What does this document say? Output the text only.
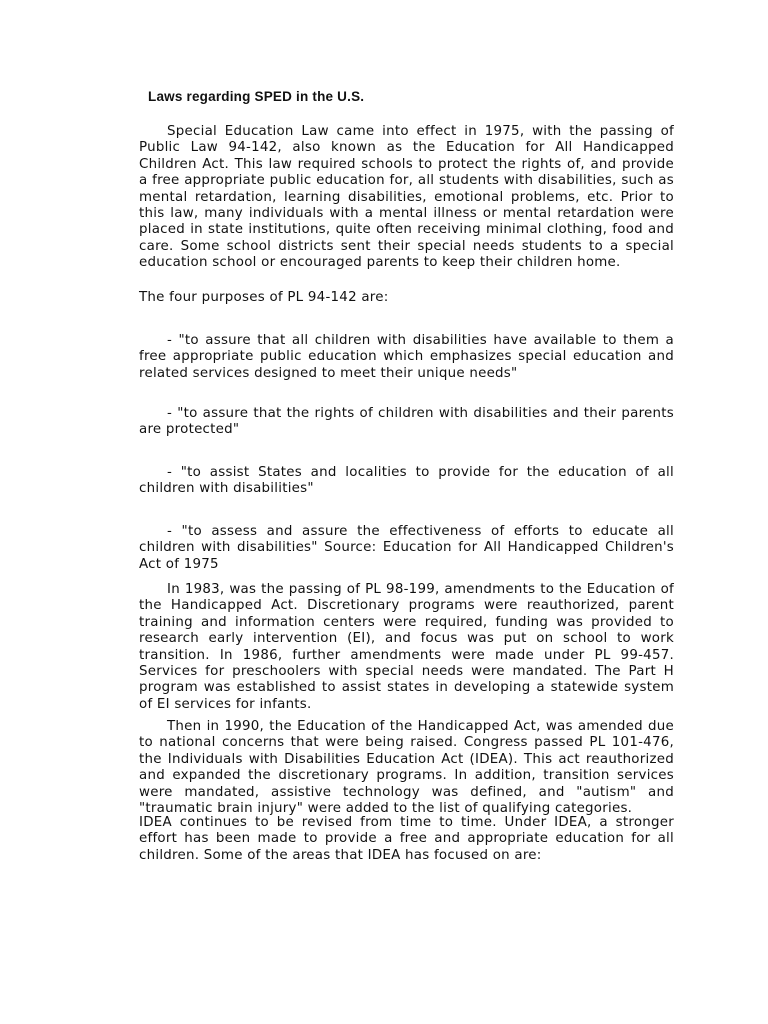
Laws regarding SPED in the U.S.

Special Education Law came into effect in 1975, with the passing of Public Law 94-142, also known as the Education for All Handicapped Children Act. This law required schools to protect the rights of, and provide a free appropriate public education for, all students with disabilities, such as mental retardation, learning disabilities, emotional problems, etc. Prior to this law, many individuals with a mental illness or mental retardation were placed in state institutions, quite often receiving minimal clothing, food and care. Some school districts sent their special needs students to a special education school or encouraged parents to keep their children home.

The four purposes of PL 94-142 are:

- "to assure that all children with disabilities have available to them a free appropriate public education which emphasizes special education and related services designed to meet their unique needs"

- "to assure that the rights of children with disabilities and their parents are protected"

- "to assist States and localities to provide for the education of all children with disabilities"

- "to assess and assure the effectiveness of efforts to educate all children with disabilities" Source: Education for All Handicapped Children's Act of 1975

In 1983, was the passing of PL 98-199, amendments to the Education of the Handicapped Act. Discretionary programs were reauthorized, parent training and information centers were required, funding was provided to research early intervention (EI), and focus was put on school to work transition. In 1986, further amendments were made under PL 99-457. Services for preschoolers with special needs were mandated. The Part H program was established to assist states in developing a statewide system of EI services for infants.

Then in 1990, the Education of the Handicapped Act, was amended due to national concerns that were being raised. Congress passed PL 101-476, the Individuals with Disabilities Education Act (IDEA). This act reauthorized and expanded the discretionary programs. In addition, transition services were mandated, assistive technology was defined, and "autism" and "traumatic brain injury" were added to the list of qualifying categories.

IDEA continues to be revised from time to time. Under IDEA, a stronger effort has been made to provide a free and appropriate education for all children. Some of the areas that IDEA has focused on are:
